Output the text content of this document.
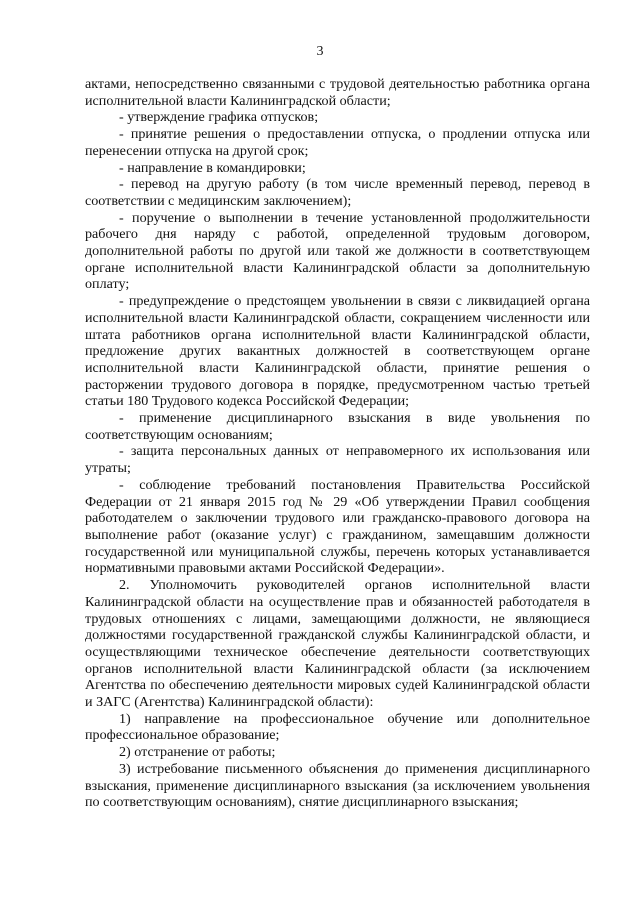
3

актами, непосредственно связанными с трудовой деятельностью работника органа исполнительной власти Калининградской области;

- утверждение графика отпусков;

- принятие решения о предоставлении отпуска, о продлении отпуска или перенесении отпуска на другой срок;

- направление в командировки;

- перевод на другую работу (в том числе временный перевод, перевод в соответствии с медицинским заключением);

- поручение о выполнении в течение установленной продолжительности рабочего дня наряду с работой, определенной трудовым договором, дополнительной работы по другой или такой же должности в соответствующем органе исполнительной власти Калининградской области за дополнительную оплату;

- предупреждение о предстоящем увольнении в связи с ликвидацией органа исполнительной власти Калининградской области, сокращением численности или штата работников органа исполнительной власти Калининградской области, предложение других вакантных должностей в соответствующем органе исполнительной власти Калининградской области, принятие решения о расторжении трудового договора в порядке, предусмотренном частью третьей статьи 180 Трудового кодекса Российской Федерации;

- применение дисциплинарного взыскания в виде увольнения по соответствующим основаниям;

- защита персональных данных от неправомерного их использования или утраты;

- соблюдение требований постановления Правительства Российской Федерации от 21 января 2015 год № 29 «Об утверждении Правил сообщения работодателем о заключении трудового или гражданско-правового договора на выполнение работ (оказание услуг) с гражданином, замещавшим должности государственной или муниципальной службы, перечень которых устанавливается нормативными правовыми актами Российской Федерации».

2. Уполномочить руководителей органов исполнительной власти Калининградской области на осуществление прав и обязанностей работодателя в трудовых отношениях с лицами, замещающими должности, не являющиеся должностями государственной гражданской службы Калининградской области, и осуществляющими техническое обеспечение деятельности соответствующих органов исполнительной власти Калининградской области (за исключением Агентства по обеспечению деятельности мировых судей Калининградской области и ЗАГС (Агентства) Калининградской области):

1) направление на профессиональное обучение или дополнительное профессиональное образование;

2) отстранение от работы;

3) истребование письменного объяснения до применения дисциплинарного взыскания, применение дисциплинарного взыскания (за исключением увольнения по соответствующим основаниям), снятие дисциплинарного взыскания;
